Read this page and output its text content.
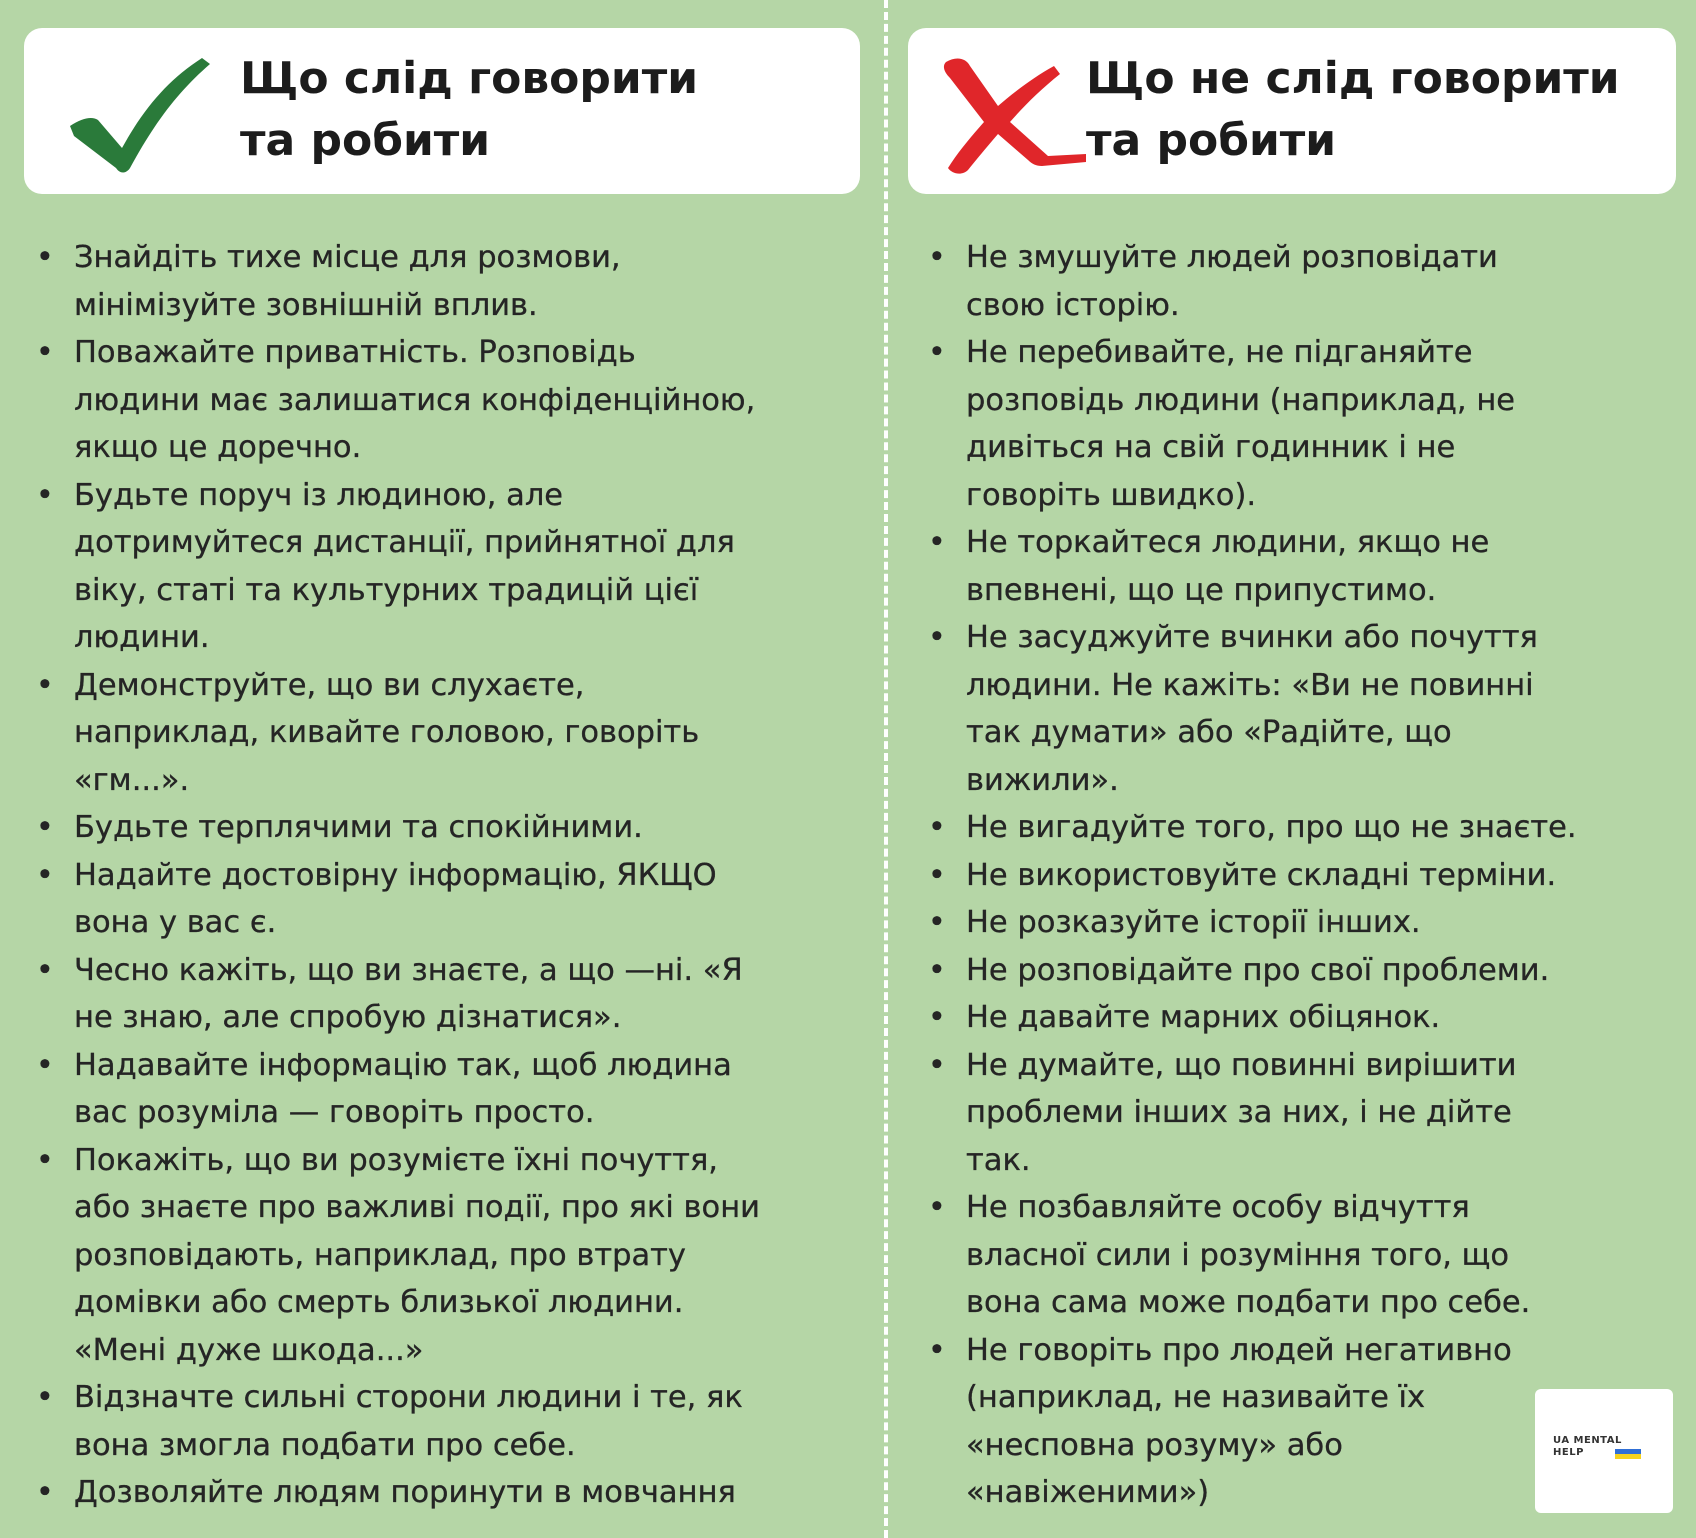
Що слід говорити
та робити
• Знайдіть тихе місце для розмови,
мінімізуйте зовнішній вплив.
• Поважайте приватність. Розповідь
людини має залишатися конфіденційною,
якщо це доречно.
• Будьте поруч із людиною, але
дотримуйтеся дистанції, прийнятної для
віку, статі та культурних традицій цієї
людини.
• Демонструйте, що ви слухаєте,
наприклад, кивайте головою, говоріть
«гм...».
• Будьте терплячими та спокійними.
• Надайте достовірну інформацію, ЯКЩО
вона у вас є.
• Чесно кажіть, що ви знаєте, а що —ні. «Я
не знаю, але спробую дізнатися».
• Надавайте інформацію так, щоб людина
вас розуміла — говоріть просто.
• Покажіть, що ви розумієте їхні почуття,
або знаєте про важливі події, про які вони
розповідають, наприклад, про втрату
домівки або смерть близької людини.
«Мені дуже шкода...»
• Відзначте сильні сторони людини і те, як
вона змогла подбати про себе.
• Дозволяйте людям поринути в мовчання
Що не слід говорити
та робити
• Не змушуйте людей розповідати
свою історію.
• Не перебивайте, не підганяйте
розповідь людини (наприклад, не
дивіться на свій годинник і не
говоріть швидко).
• Не торкайтеся людини, якщо не
впевнені, що це припустимо.
• Не засуджуйте вчинки або почуття
людини. Не кажіть: «Ви не повинні
так думати» або «Радійте, що
вижили».
• Не вигадуйте того, про що не знаєте.
• Не використовуйте складні терміни.
• Не розказуйте історії інших.
• Не розповідайте про свої проблеми.
• Не давайте марних обіцянок.
• Не думайте, що повинні вирішити
проблеми інших за них, і не дійте
так.
• Не позбавляйте особу відчуття
власної сили і розуміння того, що
вона сама може подбати про себе.
• Не говоріть про людей негативно
(наприклад, не називайте їх
«несповна розуму» або
«навіженими»)
UA MENTAL
HELP
